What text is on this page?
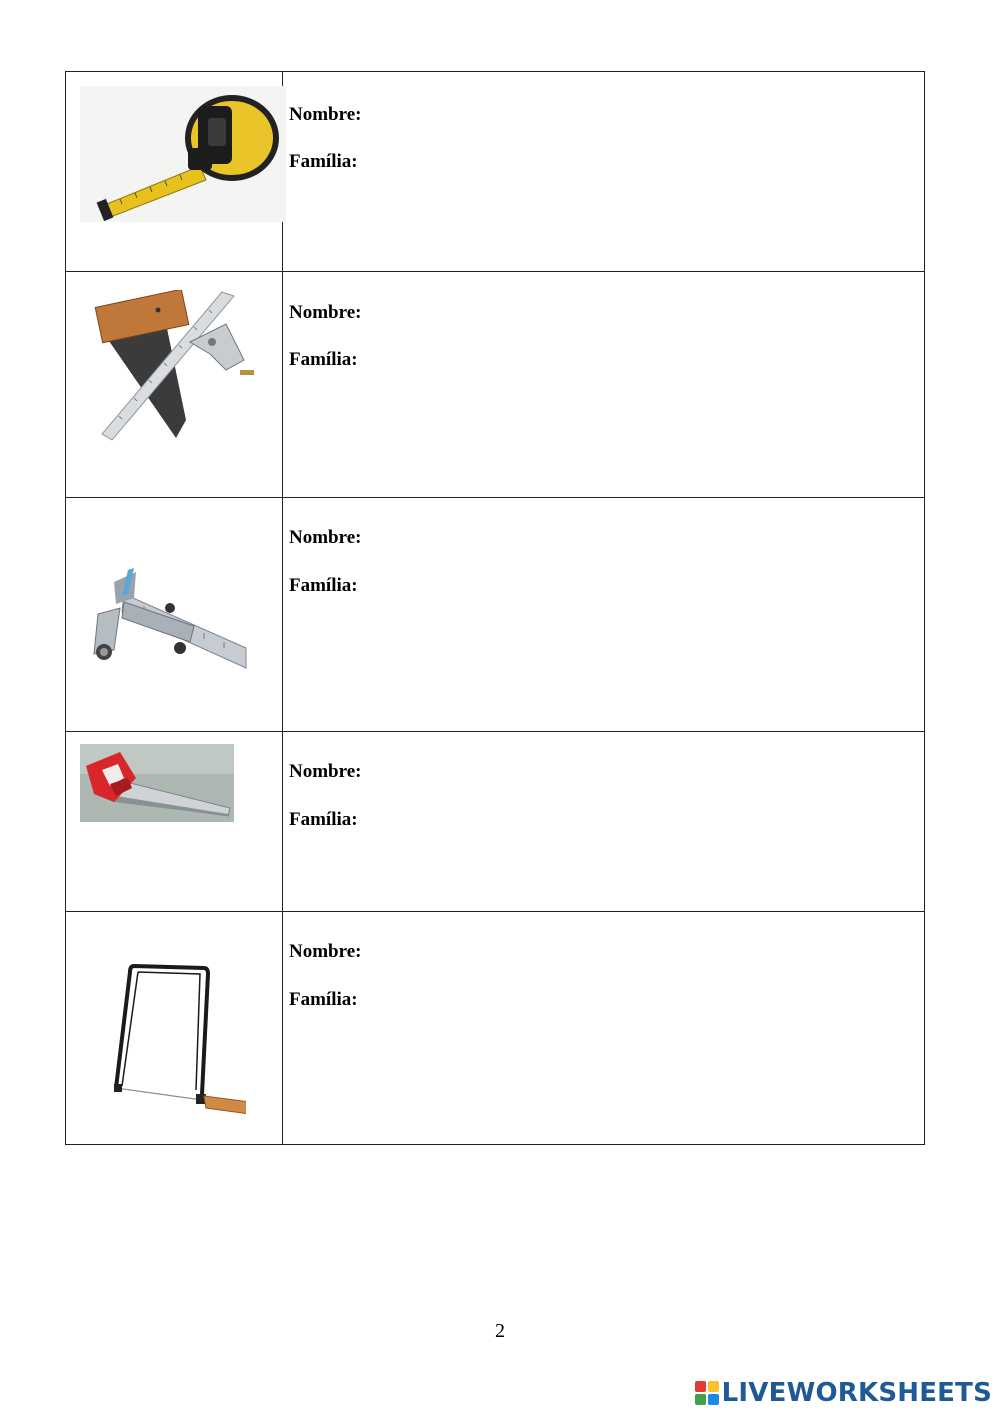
Nombre:
Família:

Nombre:
Família:

Nombre:
Família:

Nombre:
Família:

Nombre:
Família:
2
LIVEWORKSHEETS
